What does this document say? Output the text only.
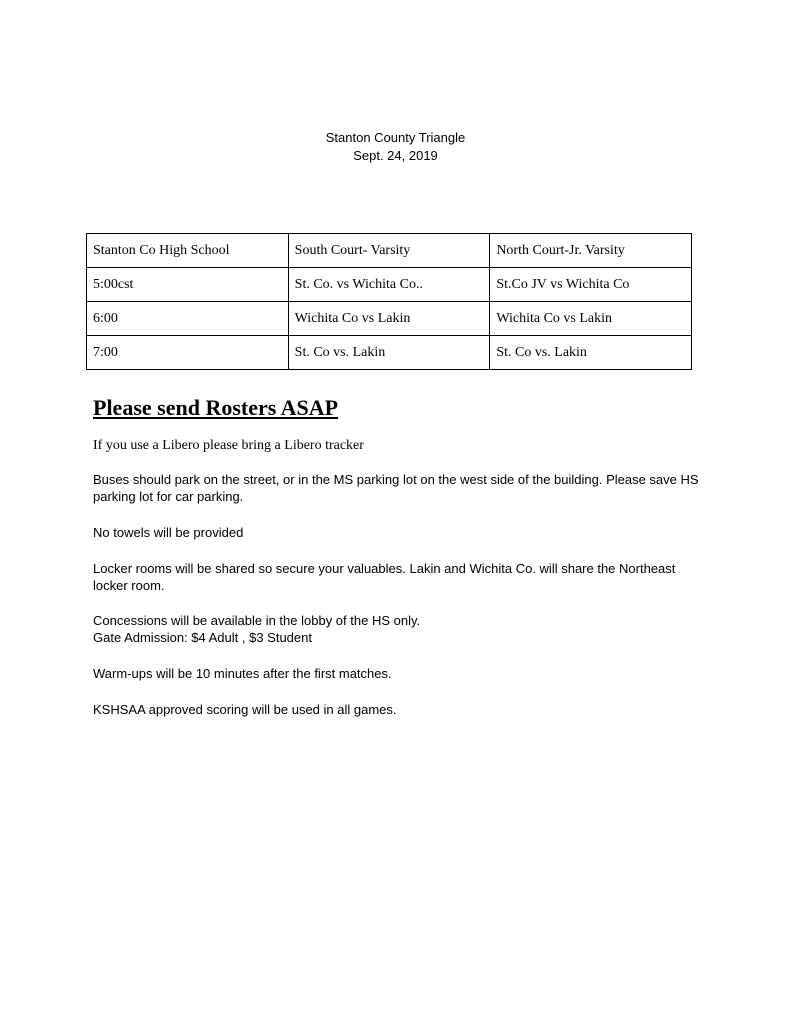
Stanton County Triangle
Sept. 24, 2019
Stanton Co High School	South Court- Varsity	North Court-Jr. Varsity
5:00cst	St. Co. vs Wichita Co..	St.Co JV vs Wichita Co
6:00	Wichita Co vs Lakin	Wichita Co vs Lakin
7:00	St. Co vs. Lakin	St. Co vs. Lakin
Please send Rosters ASAP
If you use a Libero please bring a Libero tracker

Buses should park on the street, or in the MS parking lot on the west side of the building. Please save HS parking lot for car parking.

No towels will be provided

Locker rooms will be shared so secure your valuables. Lakin and Wichita Co. will share the Northeast locker room.

Concessions will be available in the lobby of the HS only.

Gate Admission: $4 Adult , $3 Student

Warm-ups will be 10 minutes after the first matches.

KSHSAA approved scoring will be used in all games.
